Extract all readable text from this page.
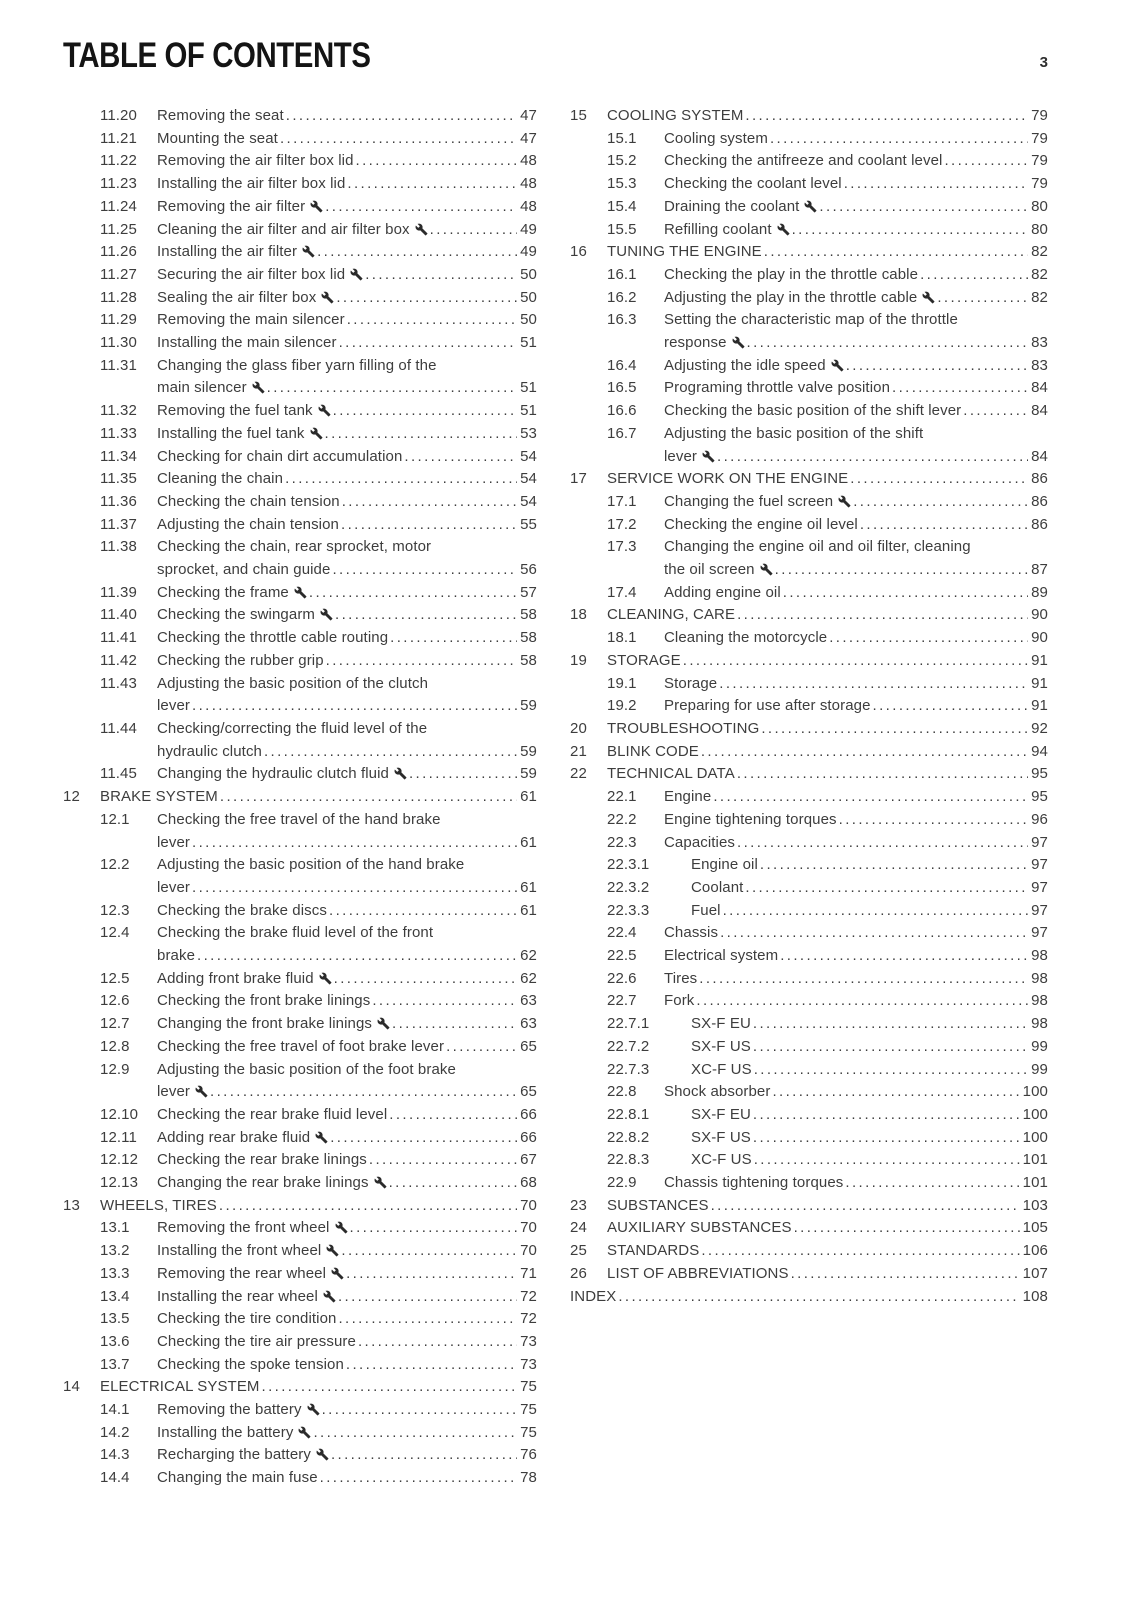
TABLE OF CONTENTS	3
11.20	Removing the seat .....	47
11.21	Mounting the seat .....	47
11.22	Removing the air filter box lid .....	48
11.23	Installing the air filter box lid .....	48
11.24	Removing the air filter .....	48
11.25	Cleaning the air filter and air filter box .....	49
11.26	Installing the air filter .....	49
11.27	Securing the air filter box lid .....	50
11.28	Sealing the air filter box .....	50
11.29	Removing the main silencer .....	50
11.30	Installing the main silencer .....	51
11.31	Changing the glass fiber yarn filling of the
main silencer .....	51
11.32	Removing the fuel tank .....	51
11.33	Installing the fuel tank .....	53
11.34	Checking for chain dirt accumulation .....	54
11.35	Cleaning the chain .....	54
11.36	Checking the chain tension .....	54
11.37	Adjusting the chain tension .....	55
11.38	Checking the chain, rear sprocket, motor
sprocket, and chain guide .....	56
11.39	Checking the frame .....	57
11.40	Checking the swingarm .....	58
11.41	Checking the throttle cable routing .....	58
11.42	Checking the rubber grip .....	58
11.43	Adjusting the basic position of the clutch
lever .....	59
11.44	Checking/correcting the fluid level of the
hydraulic clutch .....	59
11.45	Changing the hydraulic clutch fluid .....	59
12	BRAKE SYSTEM .....	61
12.1	Checking the free travel of the hand brake
lever .....	61
12.2	Adjusting the basic position of the hand brake
lever .....	61
12.3	Checking the brake discs .....	61
12.4	Checking the brake fluid level of the front
brake .....	62
12.5	Adding front brake fluid .....	62
12.6	Checking the front brake linings .....	63
12.7	Changing the front brake linings .....	63
12.8	Checking the free travel of foot brake lever .....	65
12.9	Adjusting the basic position of the foot brake
lever .....	65
12.10	Checking the rear brake fluid level .....	66
12.11	Adding rear brake fluid .....	66
12.12	Checking the rear brake linings .....	67
12.13	Changing the rear brake linings .....	68
13	WHEELS, TIRES .....	70
13.1	Removing the front wheel .....	70
13.2	Installing the front wheel .....	70
13.3	Removing the rear wheel .....	71
13.4	Installing the rear wheel .....	72
13.5	Checking the tire condition .....	72
13.6	Checking the tire air pressure .....	73
13.7	Checking the spoke tension .....	73
14	ELECTRICAL SYSTEM .....	75
14.1	Removing the battery .....	75
14.2	Installing the battery .....	75
14.3	Recharging the battery .....	76
14.4	Changing the main fuse .....	78
15	COOLING SYSTEM .....	79
15.1	Cooling system .....	79
15.2	Checking the antifreeze and coolant level .....	79
15.3	Checking the coolant level .....	79
15.4	Draining the coolant .....	80
15.5	Refilling coolant .....	80
16	TUNING THE ENGINE .....	82
16.1	Checking the play in the throttle cable .....	82
16.2	Adjusting the play in the throttle cable .....	82
16.3	Setting the characteristic map of the throttle
response .....	83
16.4	Adjusting the idle speed .....	83
16.5	Programing throttle valve position .....	84
16.6	Checking the basic position of the shift lever .....	84
16.7	Adjusting the basic position of the shift
lever .....	84
17	SERVICE WORK ON THE ENGINE .....	86
17.1	Changing the fuel screen .....	86
17.2	Checking the engine oil level .....	86
17.3	Changing the engine oil and oil filter, cleaning
the oil screen .....	87
17.4	Adding engine oil .....	89
18	CLEANING, CARE .....	90
18.1	Cleaning the motorcycle .....	90
19	STORAGE .....	91
19.1	Storage .....	91
19.2	Preparing for use after storage .....	91
20	TROUBLESHOOTING .....	92
21	BLINK CODE .....	94
22	TECHNICAL DATA .....	95
22.1	Engine .....	95
22.2	Engine tightening torques .....	96
22.3	Capacities .....	97
22.3.1	Engine oil .....	97
22.3.2	Coolant .....	97
22.3.3	Fuel .....	97
22.4	Chassis .....	97
22.5	Electrical system .....	98
22.6	Tires .....	98
22.7	Fork .....	98
22.7.1	SX-F EU .....	98
22.7.2	SX-F US .....	99
22.7.3	XC-F US .....	99
22.8	Shock absorber .....	100
22.8.1	SX-F EU .....	100
22.8.2	SX-F US .....	100
22.8.3	XC-F US .....	101
22.9	Chassis tightening torques .....	101
23	SUBSTANCES .....	103
24	AUXILIARY SUBSTANCES .....	105
25	STANDARDS .....	106
26	LIST OF ABBREVIATIONS .....	107
INDEX .....	108
